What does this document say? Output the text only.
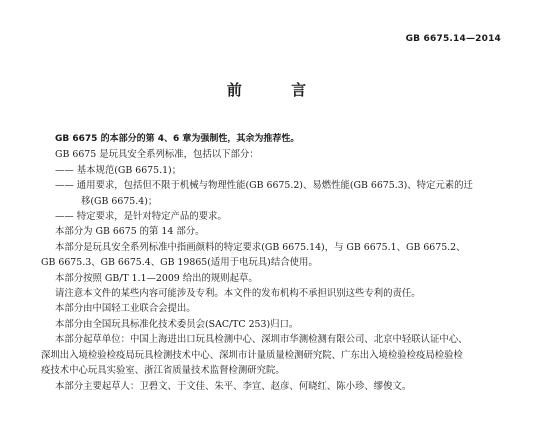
GB 6675.14—2014
前 言
GB 6675 的本部分的第 4、6 章为强制性，其余为推荐性。
GB 6675 是玩具安全系列标准，包括以下部分：
—— 基本规范(GB 6675.1)；
—— 通用要求，包括但不限于机械与物理性能(GB 6675.2)、易燃性能(GB 6675.3)、特定元素的迁
移(GB 6675.4)；
—— 特定要求，是针对特定产品的要求。
本部分为 GB 6675 的第 14 部分。
本部分是玩具安全系列标准中指画颜料的特定要求(GB 6675.14)，与 GB 6675.1、GB 6675.2、
GB 6675.3、GB 6675.4、GB 19865(适用于电玩具)结合使用。
本部分按照 GB/T 1.1—2009 给出的规则起草。
请注意本文件的某些内容可能涉及专利。本文件的发布机构不承担识别这些专利的责任。
本部分由中国轻工业联合会提出。
本部分由全国玩具标准化技术委员会(SAC/TC 253)归口。
本部分起草单位：中国上海进出口玩具检测中心、深圳市华测检测有限公司、北京中轻联认证中心、
深圳出入境检验检疫局玩具检测技术中心、深圳市计量质量检测研究院、广东出入境检验检疫局检验检
疫技术中心玩具实验室、浙江省质量技术监督检测研究院。
本部分主要起草人：卫碧文、于文佳、朱平、李宣、赵彦、何晓红、陈小珍、缪俊文。
